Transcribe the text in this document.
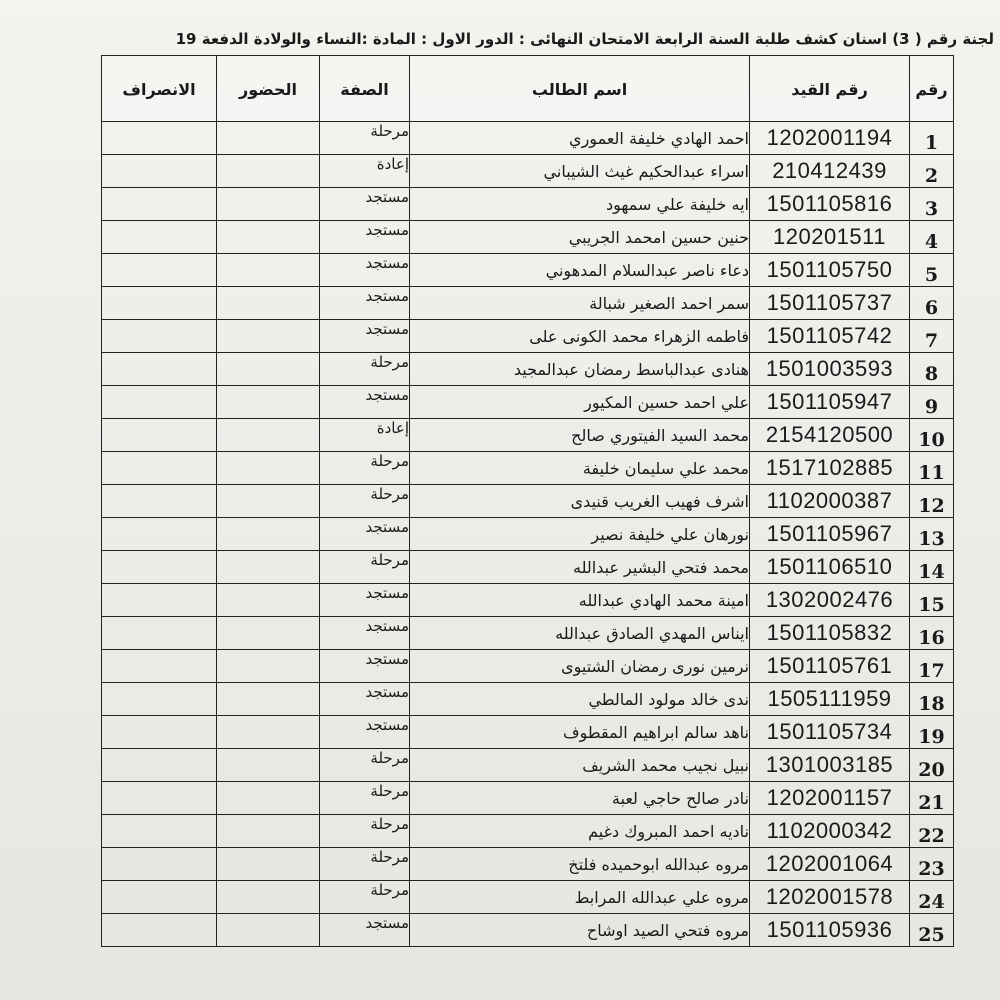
لجنة رقم ( 3) اسنان كشف طلبة السنة الرابعة الامتحان النهائى : الدور الاول : المادة :النساء والولادة الدفعة 19
رقم	رقم القيد	اسم الطالب	الصفة	الحضور	الانصراف
1	1202001194	احمد الهادي خليفة العموري	مرحلة		
2	210412439	اسراء عبدالحكيم غيث الشيباني	إعادة		
3	1501105816	ايه خليفة علي سمهود	مستجد		
4	120201511	حنين حسين امحمد الجريبي	مستجد		
5	1501105750	دعاء ناصر عبدالسلام المدهوني	مستجد		
6	1501105737	سمر احمد الصغير شبالة	مستجد		
7	1501105742	فاطمه الزهراء محمد الكونى على	مستجد		
8	1501003593	هنادى عبدالباسط رمضان عبدالمجيد	مرحلة		
9	1501105947	علي احمد حسين المكيور	مستجد		
10	2154120500	محمد السيد الفيتوري صالح	إعادة		
11	1517102885	محمد علي سليمان خليفة	مرحلة		
12	1102000387	اشرف فهيب الغريب قنيدى	مرحلة		
13	1501105967	نورهان علي خليفة نصير	مستجد		
14	1501106510	محمد فتحي البشير عبدالله	مرحلة		
15	1302002476	امينة محمد الهادي عبدالله	مستجد		
16	1501105832	ايناس المهدي الصادق عبدالله	مستجد		
17	1501105761	نرمين نورى رمضان الشتيوى	مستجد		
18	1505111959	ندى خالد مولود المالطي	مستجد		
19	1501105734	ناهد سالم ابراهيم المقطوف	مستجد		
20	1301003185	نبيل نجيب محمد الشريف	مرحلة		
21	1202001157	نادر صالح حاجي لعبة	مرحلة		
22	1102000342	ناديه احمد المبروك دغيم	مرحلة		
23	1202001064	مروه عبدالله ابوحميده فلتخ	مرحلة		
24	1202001578	مروه علي عبدالله المرابط	مرحلة		
25	1501105936	مروه فتحي الصيد اوشاح	مستجد		
